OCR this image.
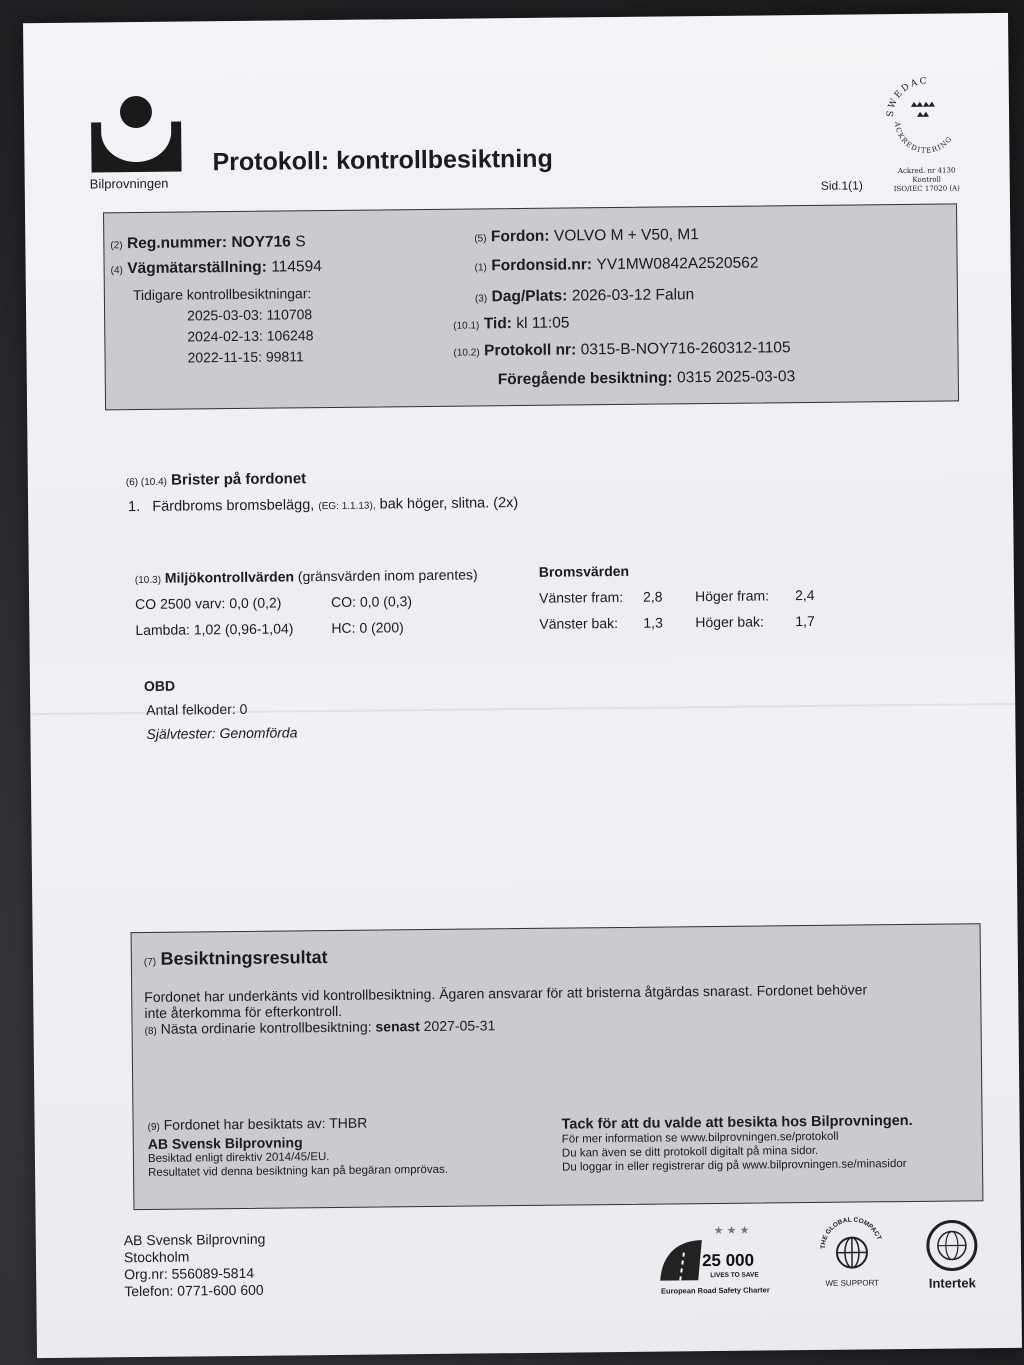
Bilprovningen
Protokoll: kontrollbesiktning
SWEDAC
ACKREDITERING
Ackred. nr 4130
Kontroll
ISO/IEC 17020 (A)
Sid.1(1)
(2) Reg.nummer: NOY716 S
(4) Vägmätarställning: 114594
Tidigare kontrollbesiktningar:
2025-03-03: 110708
2024-02-13: 106248
2022-11-15: 99811
(5) Fordon: VOLVO M + V50, M1
(1) Fordonsid.nr: YV1MW0842A2520562
(3) Dag/Plats: 2026-03-12 Falun
(10.1) Tid: kl 11:05
(10.2) Protokoll nr: 0315-B-NOY716-260312-1105
Föregående besiktning: 0315 2025-03-03
(6) (10.4) Brister på fordonet
1. Färdbroms bromsbelägg, (EG: 1.1.13), bak höger, slitna. (2x)
(10.3) Miljökontrollvärden (gränsvärden inom parentes)
CO 2500 varv: 0,0 (0,2)	CO: 0,0 (0,3)
Lambda: 1,02 (0,96-1,04)	HC: 0 (200)
Bromsvärden
Vänster fram: 2,8 Höger fram: 2,4
Vänster bak: 1,3 Höger bak: 1,7
OBD
Antal felkoder: 0
Självtester: Genomförda
(7) Besiktningsresultat
Fordonet har underkänts vid kontrollbesiktning. Ägaren ansvarar för att bristerna åtgärdas snarast. Fordonet behöver
inte återkomma för efterkontroll.
(8) Nästa ordinarie kontrollbesiktning: senast 2027-05-31
(9) Fordonet har besiktats av: THBR
AB Svensk Bilprovning
Besiktad enligt direktiv 2014/45/EU.
Resultatet vid denna besiktning kan på begäran omprövas.
Tack för att du valde att besikta hos Bilprovningen.
För mer information se www.bilprovningen.se/protokoll
Du kan även se ditt protokoll digitalt på mina sidor.
Du loggar in eller registrerar dig på www.bilprovningen.se/minasidor
AB Svensk Bilprovning
Stockholm
Org.nr: 556089-5814
Telefon: 0771-600 600
★ ★ ★
25 000
LIVES TO SAVE
European Road Safety Charter
THE GLOBAL COMPACT
WE SUPPORT	Intertek
